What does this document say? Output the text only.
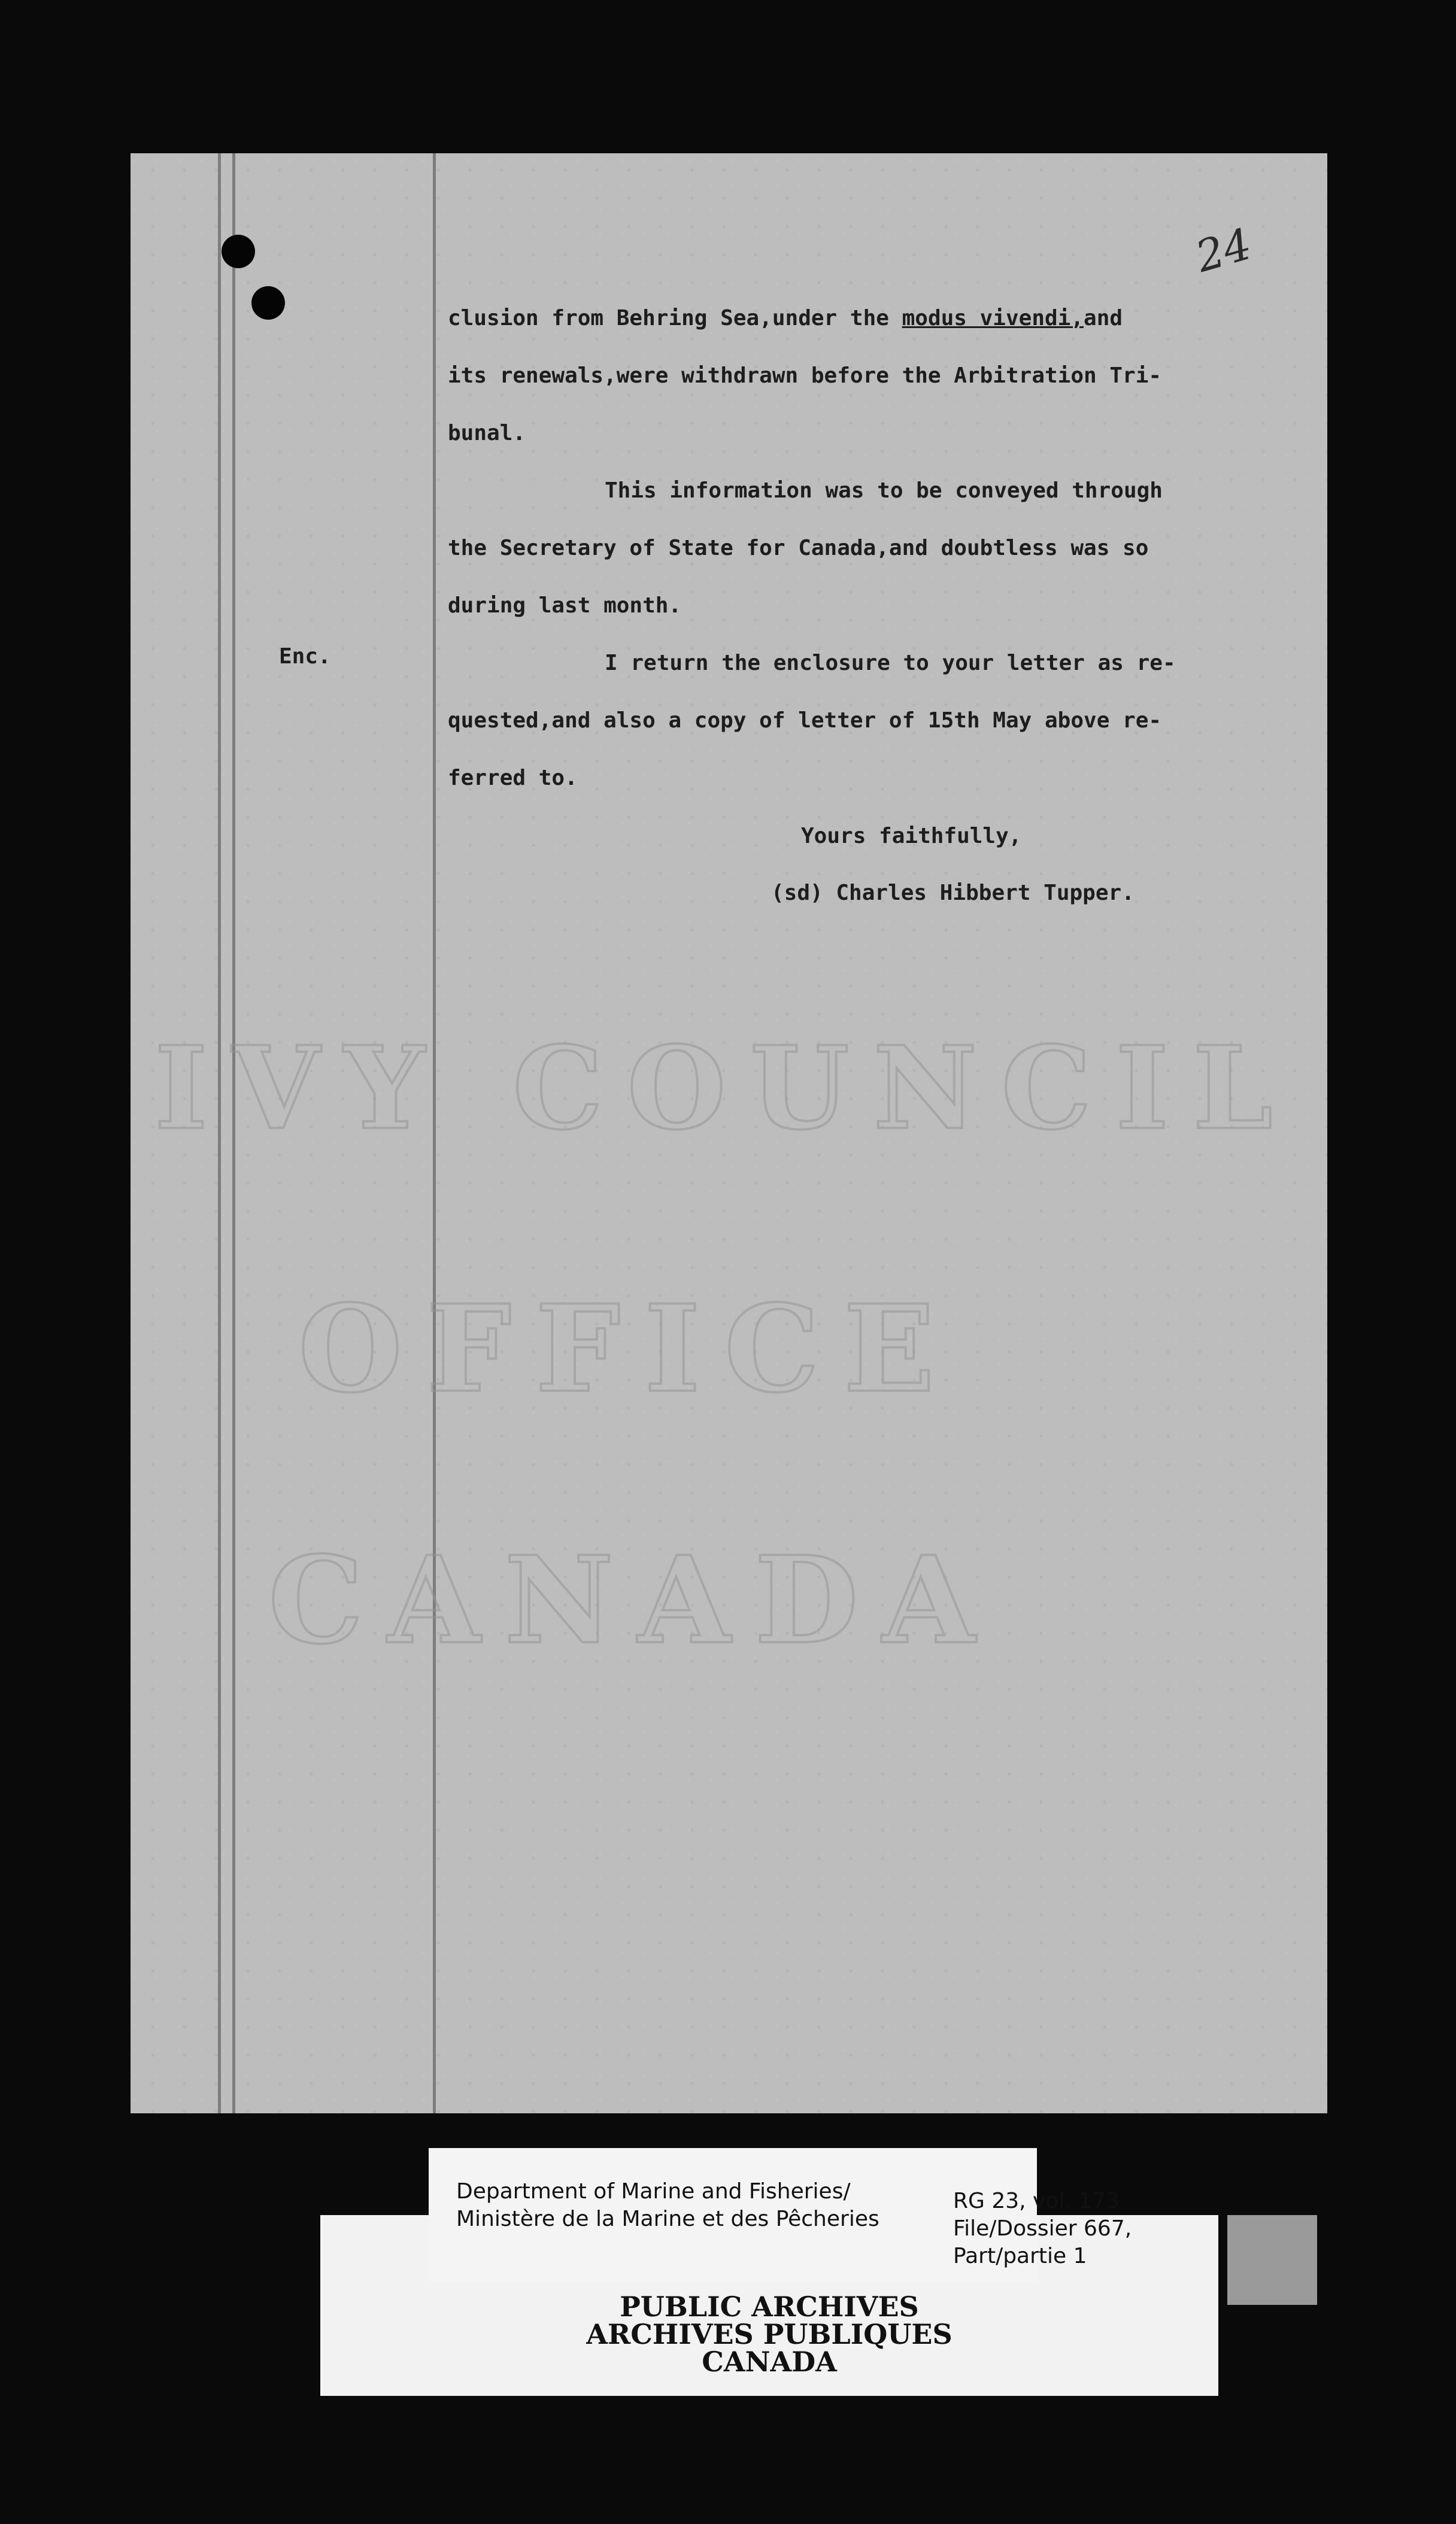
24
IVY COUNCIL
OFFICE
CANADA
clusion from Behring Sea,under the modus vivendi,and
its renewals,were withdrawn before the Arbitration Tri-
bunal.
This information was to be conveyed through
the Secretary of State for Canada,and doubtless was so
during last month.
I return the enclosure to your letter as re-
quested,and also a copy of letter of 15th May above re-
ferred to.
Enc.
Yours faithfully,
(sd) Charles Hibbert Tupper.
Department of Marine and Fisheries/
Ministère de la Marine et des Pêcheries
RG 23, vol. 173
File/Dossier 667,
Part/partie 1
PUBLIC ARCHIVES
ARCHIVES PUBLIQUES
CANADA
